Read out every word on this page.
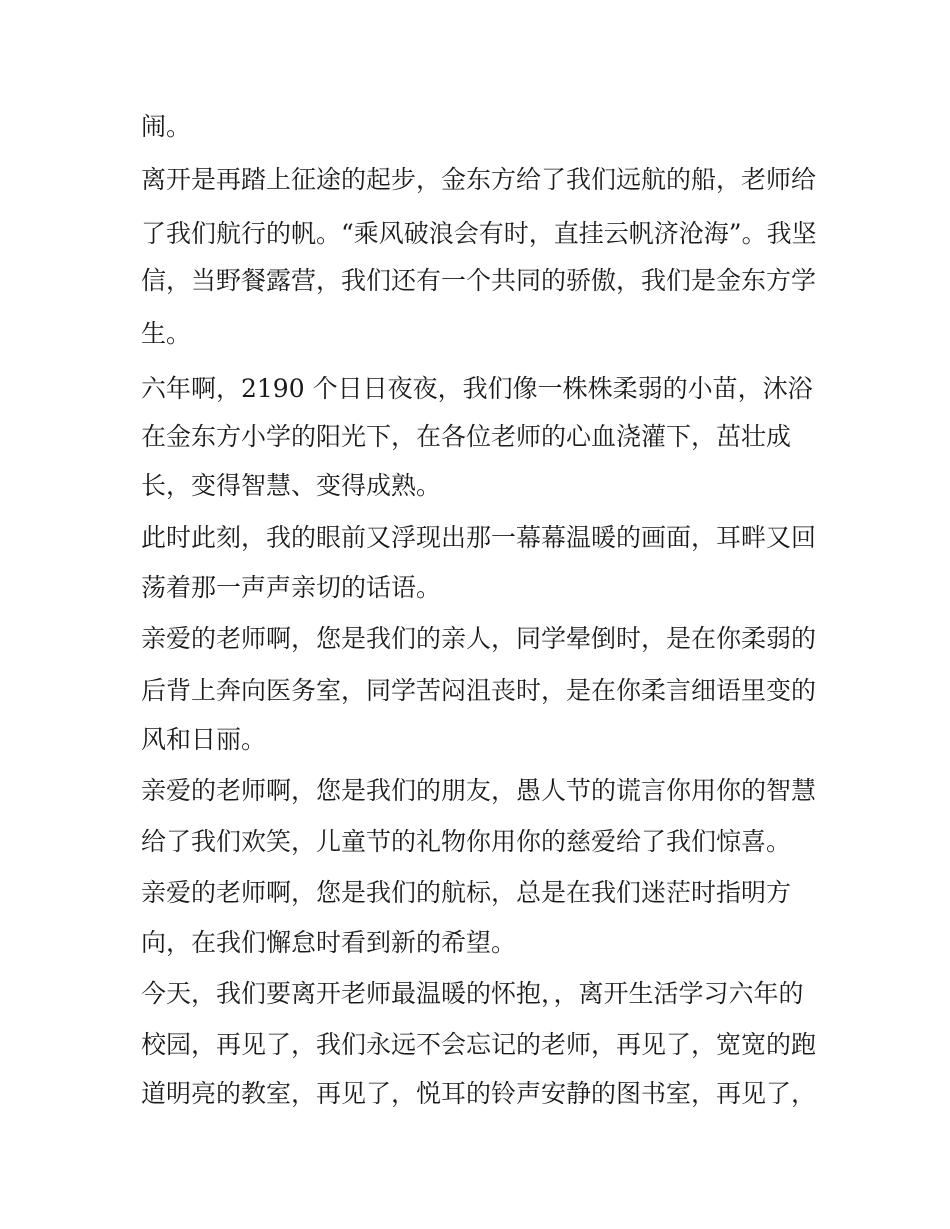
闹。
离开是再踏上征途的起步，金东方给了我们远航的船，老师给
了我们航行的帆。“乘风破浪会有时，直挂云帆济沧海”。我坚
信，当野餐露营，我们还有一个共同的骄傲，我们是金东方学
生。
六年啊，2190 个日日夜夜，我们像一株株柔弱的小苗，沐浴
在金东方小学的阳光下，在各位老师的心血浇灌下，茁壮成
长，变得智慧、变得成熟。
此时此刻，我的眼前又浮现出那一幕幕温暖的画面，耳畔又回
荡着那一声声亲切的话语。
亲爱的老师啊，您是我们的亲人，同学晕倒时，是在你柔弱的
后背上奔向医务室，同学苦闷沮丧时，是在你柔言细语里变的
风和日丽。
亲爱的老师啊，您是我们的朋友，愚人节的谎言你用你的智慧
给了我们欢笑，儿童节的礼物你用你的慈爱给了我们惊喜。
亲爱的老师啊，您是我们的航标，总是在我们迷茫时指明方
向，在我们懈怠时看到新的希望。
今天，我们要离开老师最温暖的怀抱，，离开生活学习六年的
校园，再见了，我们永远不会忘记的老师，再见了，宽宽的跑
道明亮的教室，再见了，悦耳的铃声安静的图书室，再见了，
